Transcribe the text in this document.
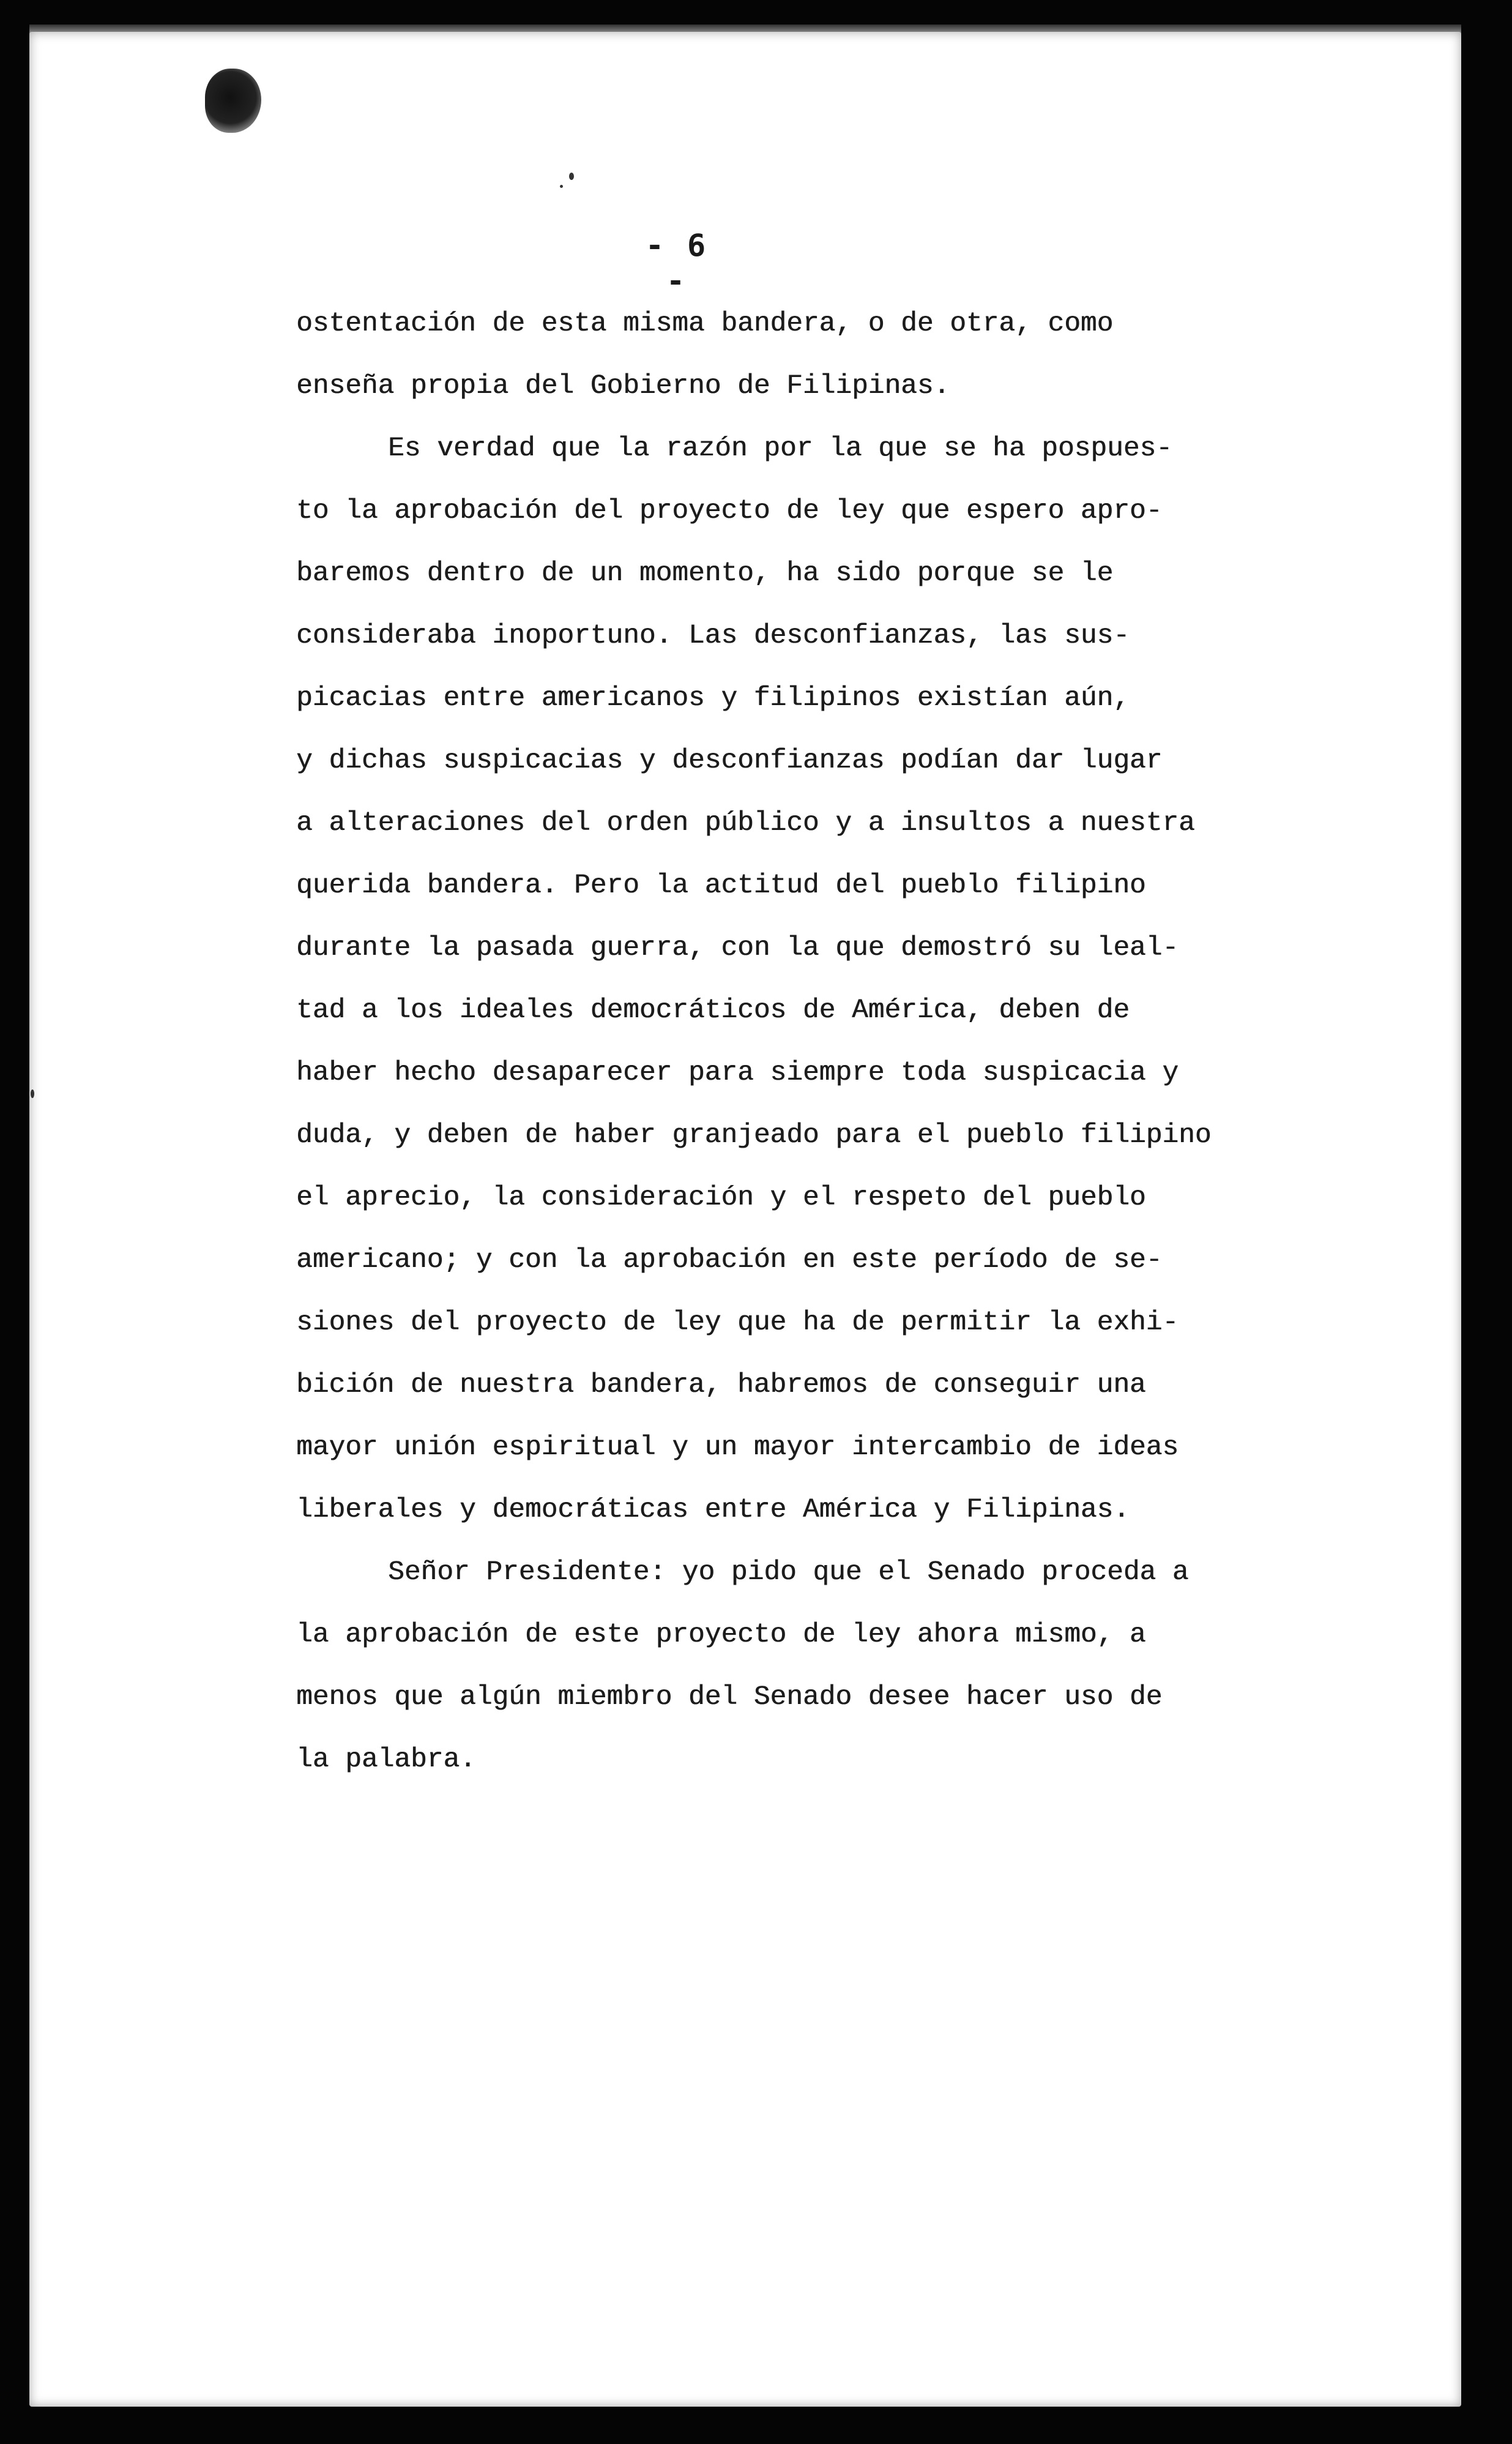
- 6 -
ostentación de esta misma bandera, o de otra, como
enseña propia del Gobierno de Filipinas.
Es verdad que la razón por la que se ha pospues-
to la aprobación del proyecto de ley que espero apro-
baremos dentro de un momento, ha sido porque se le
consideraba inoportuno. Las desconfianzas, las sus-
picacias entre americanos y filipinos existían aún,
y dichas suspicacias y desconfianzas podían dar lugar
a alteraciones del orden público y a insultos a nuestra
querida bandera. Pero la actitud del pueblo filipino
durante la pasada guerra, con la que demostró su leal-
tad a los ideales democráticos de América, deben de
haber hecho desaparecer para siempre toda suspicacia y
duda, y deben de haber granjeado para el pueblo filipino
el aprecio, la consideración y el respeto del pueblo
americano; y con la aprobación en este período de se-
siones del proyecto de ley que ha de permitir la exhi-
bición de nuestra bandera, habremos de conseguir una
mayor unión espiritual y un mayor intercambio de ideas
liberales y democráticas entre América y Filipinas.
Señor Presidente: yo pido que el Senado proceda a
la aprobación de este proyecto de ley ahora mismo, a
menos que algún miembro del Senado desee hacer uso de
la palabra.
